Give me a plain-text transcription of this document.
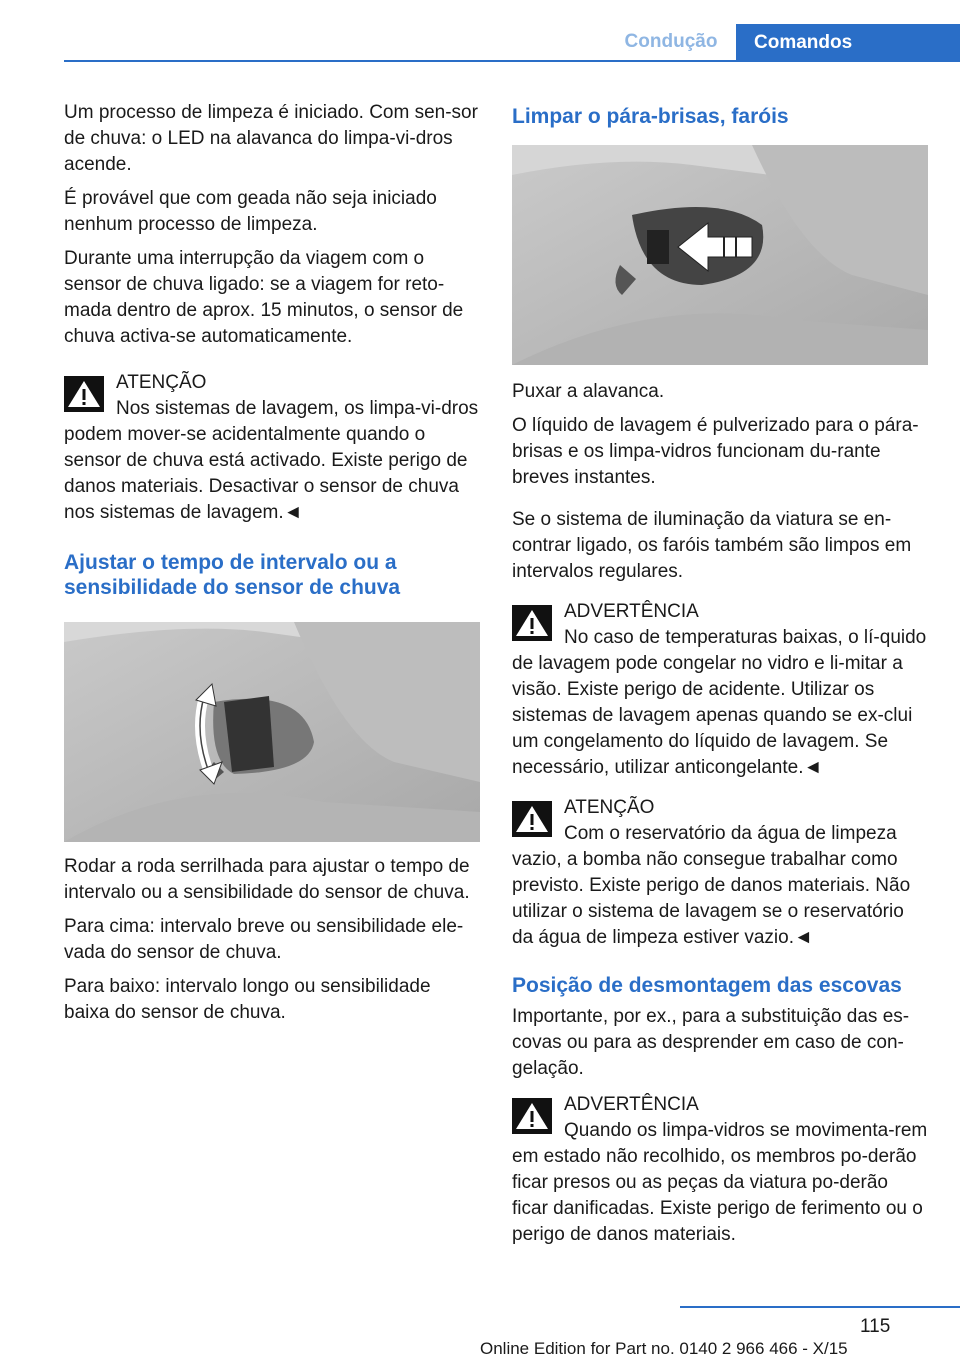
Condução	Comandos

Um processo de limpeza é iniciado. Com sen‐sor de chuva: o LED na alavanca do limpa-vi‐dros acende.

É provável que com geada não seja iniciado nenhum processo de limpeza.

Durante uma interrupção da viagem com o sensor de chuva ligado: se a viagem for reto‐mada dentro de aprox. 15 minutos, o sensor de chuva activa-se automaticamente.

ATENÇÃO

Nos sistemas de lavagem, os limpa-vi‐dros podem mover-se acidentalmente quando o sensor de chuva está activado. Existe perigo de danos materiais. Desactivar o sensor de chuva nos sistemas de lavagem.◄

Ajustar o tempo de intervalo ou a sensibilidade do sensor de chuva

Rodar a roda serrilhada para ajustar o tempo de intervalo ou a sensibilidade do sensor de chuva.

Para cima: intervalo breve ou sensibilidade ele‐vada do sensor de chuva.

Para baixo: intervalo longo ou sensibilidade baixa do sensor de chuva.

Limpar o pára-brisas, faróis

Puxar a alavanca.

O líquido de lavagem é pulverizado para o pára-brisas e os limpa-vidros funcionam du‐rante breves instantes.

Se o sistema de iluminação da viatura se en‐contrar ligado, os faróis também são limpos em intervalos regulares.

ADVERTÊNCIA

No caso de temperaturas baixas, o lí‐quido de lavagem pode congelar no vidro e li‐mitar a visão. Existe perigo de acidente. Utilizar os sistemas de lavagem apenas quando se ex‐clui um congelamento do líquido de lavagem. Se necessário, utilizar anticongelante.◄

ATENÇÃO

Com o reservatório da água de limpeza vazio, a bomba não consegue trabalhar como previsto. Existe perigo de danos materiais. Não utilizar o sistema de lavagem se o reservatório da água de limpeza estiver vazio.◄

Posição de desmontagem das escovas

Importante, por ex., para a substituição das es‐covas ou para as desprender em caso de con‐gelação.

ADVERTÊNCIA

Quando os limpa-vidros se movimenta‐rem em estado não recolhido, os membros po‐derão ficar presos ou as peças da viatura po‐derão ficar danificadas. Existe perigo de ferimento ou o perigo de danos materiais.

115
Online Edition for Part no. 0140 2 966 466 - X/15
